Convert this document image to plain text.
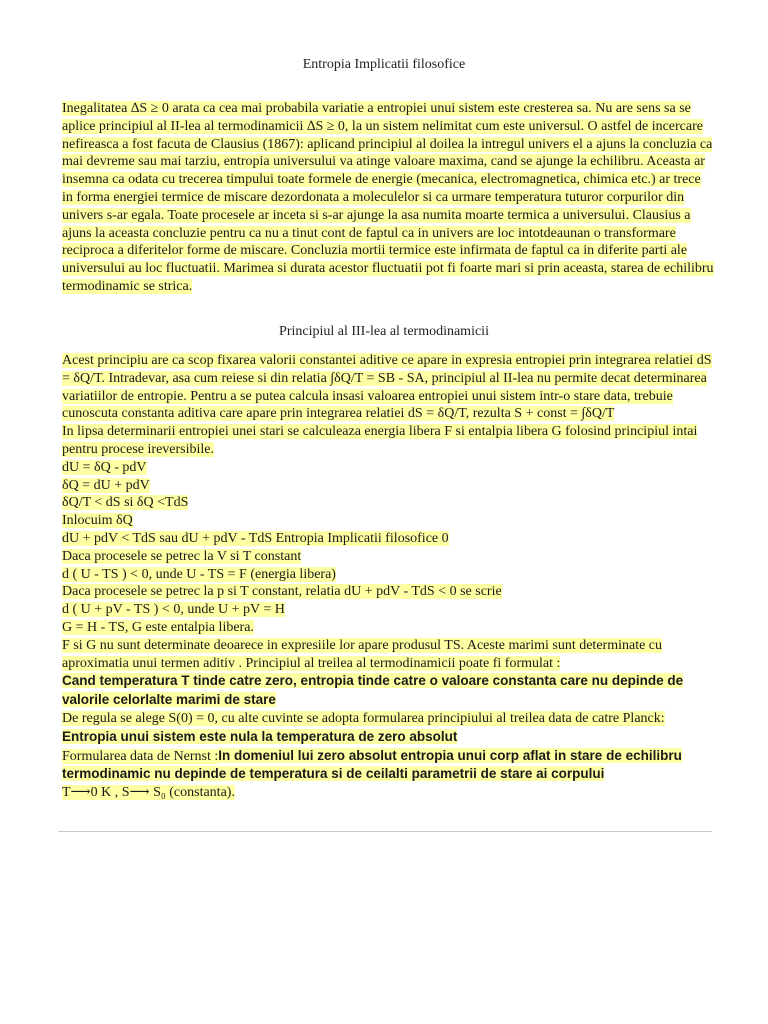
Entropia Implicatii filosofice
Inegalitatea ∆S ≥ 0 arata ca cea mai probabila variatie a entropiei unui sistem este cresterea sa. Nu are sens sa se aplice principiul al II-lea al termodinamicii ∆S ≥ 0, la un sistem nelimitat cum este universul. O astfel de incercare nefireasca a fost facuta de Clausius (1867): aplicand principiul al doilea la intregul univers el a ajuns la concluzia ca mai devreme sau mai tarziu, entropia universului va atinge valoare maxima, cand se ajunge la echilibru. Aceasta ar insemna ca odata cu trecerea timpului toate formele de energie (mecanica, electromagnetica, chimica etc.) ar trece in forma energiei termice de miscare dezordonata a moleculelor si ca urmare temperatura tuturor corpurilor din univers s-ar egala. Toate procesele ar inceta si s-ar ajunge la asa numita moarte termica a universului. Clausius a ajuns la aceasta concluzie pentru ca nu a tinut cont de faptul ca in univers are loc intotdeaunan o transformare reciproca a diferitelor forme de miscare. Concluzia mortii termice este infirmata de faptul ca in diferite parti ale universului au loc fluctuatii. Marimea si durata acestor fluctuatii pot fi foarte mari si prin aceasta, starea de echilibru termodinamic se strica.
Principiul al III-lea al termodinamicii
Acest principiu are ca scop fixarea valorii constantei aditive ce apare in expresia entropiei prin integrarea relatiei dS = δQ/T. Intradevar, asa cum reiese si din relatia ∫δQ/T = SB - SA, principiul al II-lea nu permite decat determinarea variatiilor de entropie. Pentru a se putea calcula insasi valoarea entropiei unui sistem intr-o stare data, trebuie cunoscuta constanta aditiva care apare prin integrarea relatiei dS = δQ/T, rezulta S + const = ∫δQ/T
In lipsa determinarii entropiei unei stari se calculeaza energia libera F si entalpia libera G folosind principiul intai pentru procese ireversibile.
dU = δQ - pdV
δQ = dU + pdV
δQ/T < dS si δQ <TdS
Inlocuim δQ
dU + pdV < TdS sau dU + pdV - TdS Entropia Implicatii filosofice 0
Daca procesele se petrec la V si T constant
d ( U - TS ) < 0, unde U - TS = F (energia libera)
Daca procesele se petrec la p si T constant, relatia dU + pdV - TdS < 0 se scrie
d ( U + pV - TS ) < 0, unde U + pV = H
G = H - TS, G este entalpia libera.
F si G nu sunt determinate deoarece in expresiile lor apare produsul TS. Aceste marimi sunt determinate cu aproximatia unui termen aditiv . Principiul al treilea al termodinamicii poate fi formulat :
Cand temperatura T tinde catre zero, entropia tinde catre o valoare constanta care nu depinde de valorile celorlalte marimi de stare
De regula se alege S(0) = 0, cu alte cuvinte se adopta formularea principiului al treilea data de catre Planck:
Entropia unui sistem este nula la temperatura de zero absolut
Formularea data de Nernst :In domeniul lui zero absolut entropia unui corp aflat in stare de echilibru termodinamic nu depinde de temperatura si de ceilalti parametrii de stare ai corpului
T⟶0 K , S⟶ S₀ (constanta).
